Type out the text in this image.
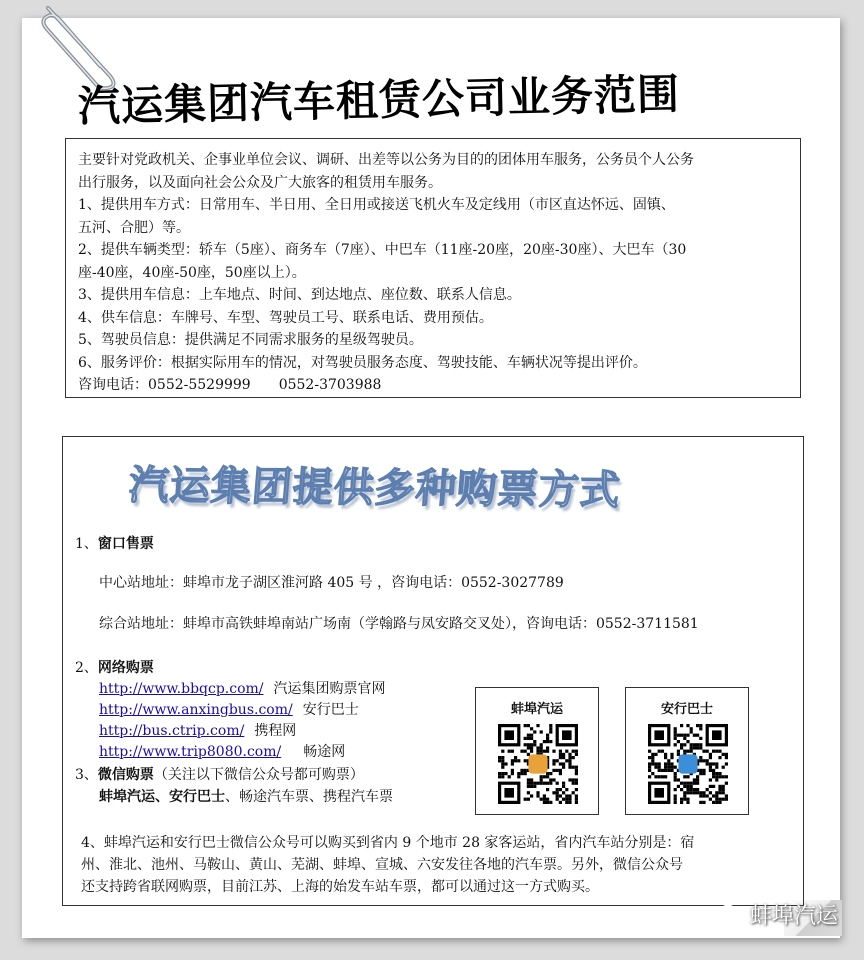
汽运集团汽车租赁公司业务范围
主要针对党政机关、企事业单位会议、调研、出差等以公务为目的的团体用车服务，公务员个人公务
出行服务，以及面向社会公众及广大旅客的租赁用车服务。
1、提供用车方式：日常用车、半日用、全日用或接送飞机火车及定线用（市区直达怀远、固镇、
五河、合肥）等。
2、提供车辆类型：轿车（5座）、商务车（7座）、中巴车（11座-20座，20座-30座）、大巴车（30
座-40座，40座-50座，50座以上）。
3、提供用车信息：上车地点、时间、到达地点、座位数、联系人信息。
4、供车信息：车牌号、车型、驾驶员工号、联系电话、费用预估。
5、驾驶员信息：提供满足不同需求服务的星级驾驶员。
6、服务评价：根据实际用车的情况，对驾驶员服务态度、驾驶技能、车辆状况等提出评价。
咨询电话：0552-5529999　　0552-3703988
汽运集团提供多种购票方式
1、窗口售票
中心站地址：蚌埠市龙子湖区淮河路 405 号 ，咨询电话：0552-3027789
综合站地址：蚌埠市高铁蚌埠南站广场南（学翰路与凤安路交叉处），咨询电话：0552-3711581
2、网络购票
http://www.bbqcp.com/ 汽运集团购票官网
http://www.anxingbus.com/ 安行巴士
http://bus.ctrip.com/ 携程网
http://www.trip8080.com/ 畅途网
3、微信购票（关注以下微信公众号都可购票）
蚌埠汽运、安行巴士、畅途汽车票、携程汽车票
蚌埠汽运	安行巴士
4、蚌埠汽运和安行巴士微信公众号可以购买到省内 9 个地市 28 家客运站，省内汽车站分别是：宿
州、淮北、池州、马鞍山、黄山、芜湖、蚌埠、宣城、六安发往各地的汽车票。另外，微信公众号
还支持跨省联网购票，目前江苏、上海的始发车站车票，都可以通过这一方式购买。
蚌埠汽运
